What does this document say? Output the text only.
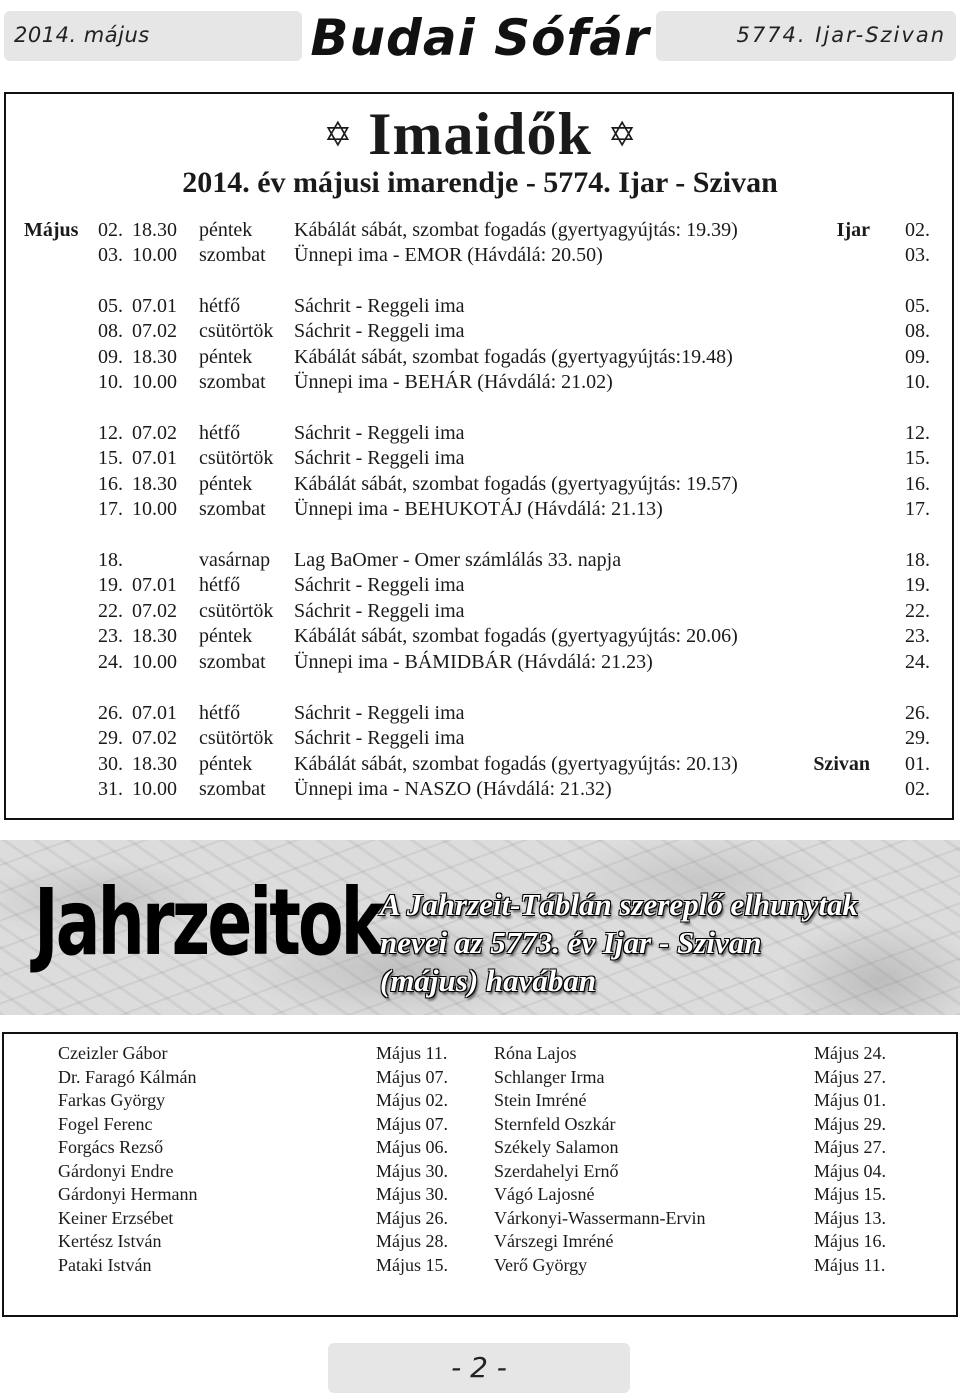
2014. május	Budai Sófár	5774. Ijar-Szivan
✡ Imaidők ✡
2014. év májusi imarendje - 5774. Ijar - Szivan
Május 02. 18.30 péntek Kábálát sábát, szombat fogadás (gyertyagyújtás: 19.39)	Ijar 02.
03. 10.00 szombat Ünnepi ima - EMOR (Hávdálá: 20.50)	03.
05. 07.01 hétfő	Sáchrit - Reggeli ima	05.
08. 07.02 csütörtök Sáchrit - Reggeli ima	08.
09. 18.30 péntek Kábálát sábát, szombat fogadás (gyertyagyújtás:19.48)	09.
10. 10.00 szombat Ünnepi ima - BEHÁR (Hávdálá: 21.02)	10.
12. 07.02 hétfő	Sáchrit - Reggeli ima	12.
15. 07.01 csütörtök Sáchrit - Reggeli ima	15.
16. 18.30 péntek Kábálát sábát, szombat fogadás (gyertyagyújtás: 19.57)	16.
17. 10.00 szombat Ünnepi ima - BEHUKOTÁJ (Hávdálá: 21.13)	17.
18.	vasárnap Lag BaOmer - Omer számlálás 33. napja	18.
19. 07.01 hétfő	Sáchrit - Reggeli ima	19.
22. 07.02 csütörtök Sáchrit - Reggeli ima	22.
23. 18.30 péntek Kábálát sábát, szombat fogadás (gyertyagyújtás: 20.06)	23.
24. 10.00 szombat Ünnepi ima - BÁMIDBÁR (Hávdálá: 21.23)	24.
26. 07.01 hétfő	Sáchrit - Reggeli ima	26.
29. 07.02 csütörtök Sáchrit - Reggeli ima	29.
30. 18.30 péntek Kábálát sábát, szombat fogadás (gyertyagyújtás: 20.13)	Szivan 01.
31. 10.00 szombat Ünnepi ima - NASZO (Hávdálá: 21.32)	02.
Jahrzeitok
A Jahrzeit-Táblán szereplő elhunytak
nevei az 5773. év Ijar - Szivan
(május) havában
Czeizler Gábor	Május 11.
Dr. Faragó Kálmán	Május 07.
Farkas György	Május 02.
Fogel Ferenc	Május 07.
Forgács Rezső	Május 06.
Gárdonyi Endre	Május 30.
Gárdonyi Hermann	Május 30.
Keiner Erzsébet	Május 26.
Kertész István	Május 28.
Pataki István	Május 15.
Róna Lajos	Május 24.
Schlanger Irma	Május 27.
Stein Imréné	Május 01.
Sternfeld Oszkár	Május 29.
Székely Salamon	Május 27.
Szerdahelyi Ernő	Május 04.
Vágó Lajosné	Május 15.
Várkonyi-Wassermann-Ervin	Május 13.
Várszegi Imréné	Május 16.
Verő György	Május 11.
- 2 -
